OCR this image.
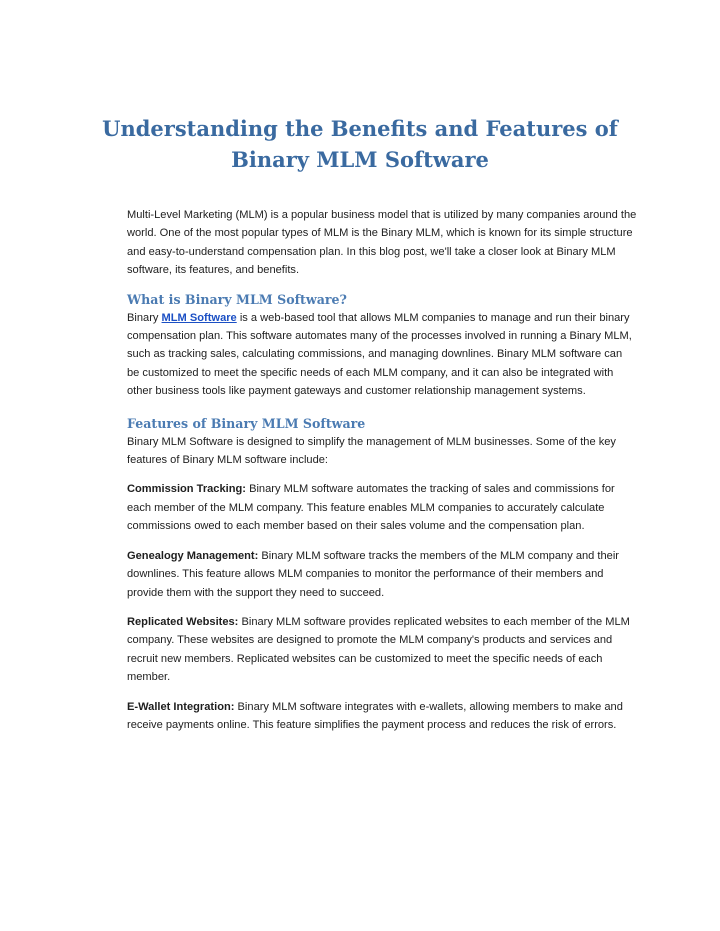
Understanding the Benefits and Features of Binary MLM Software

Multi-Level Marketing (MLM) is a popular business model that is utilized by many companies around the world. One of the most popular types of MLM is the Binary MLM, which is known for its simple structure and easy-to-understand compensation plan. In this blog post, we'll take a closer look at Binary MLM software, its features, and benefits.

What is Binary MLM Software?

Binary MLM Software is a web-based tool that allows MLM companies to manage and run their binary compensation plan. This software automates many of the processes involved in running a Binary MLM, such as tracking sales, calculating commissions, and managing downlines. Binary MLM software can be customized to meet the specific needs of each MLM company, and it can also be integrated with other business tools like payment gateways and customer relationship management systems.

Features of Binary MLM Software

Binary MLM Software is designed to simplify the management of MLM businesses. Some of the key features of Binary MLM software include:

Commission Tracking: Binary MLM software automates the tracking of sales and commissions for each member of the MLM company. This feature enables MLM companies to accurately calculate commissions owed to each member based on their sales volume and the compensation plan.

Genealogy Management: Binary MLM software tracks the members of the MLM company and their downlines. This feature allows MLM companies to monitor the performance of their members and provide them with the support they need to succeed.

Replicated Websites: Binary MLM software provides replicated websites to each member of the MLM company. These websites are designed to promote the MLM company's products and services and recruit new members. Replicated websites can be customized to meet the specific needs of each member.

E-Wallet Integration: Binary MLM software integrates with e-wallets, allowing members to make and receive payments online. This feature simplifies the payment process and reduces the risk of errors.
